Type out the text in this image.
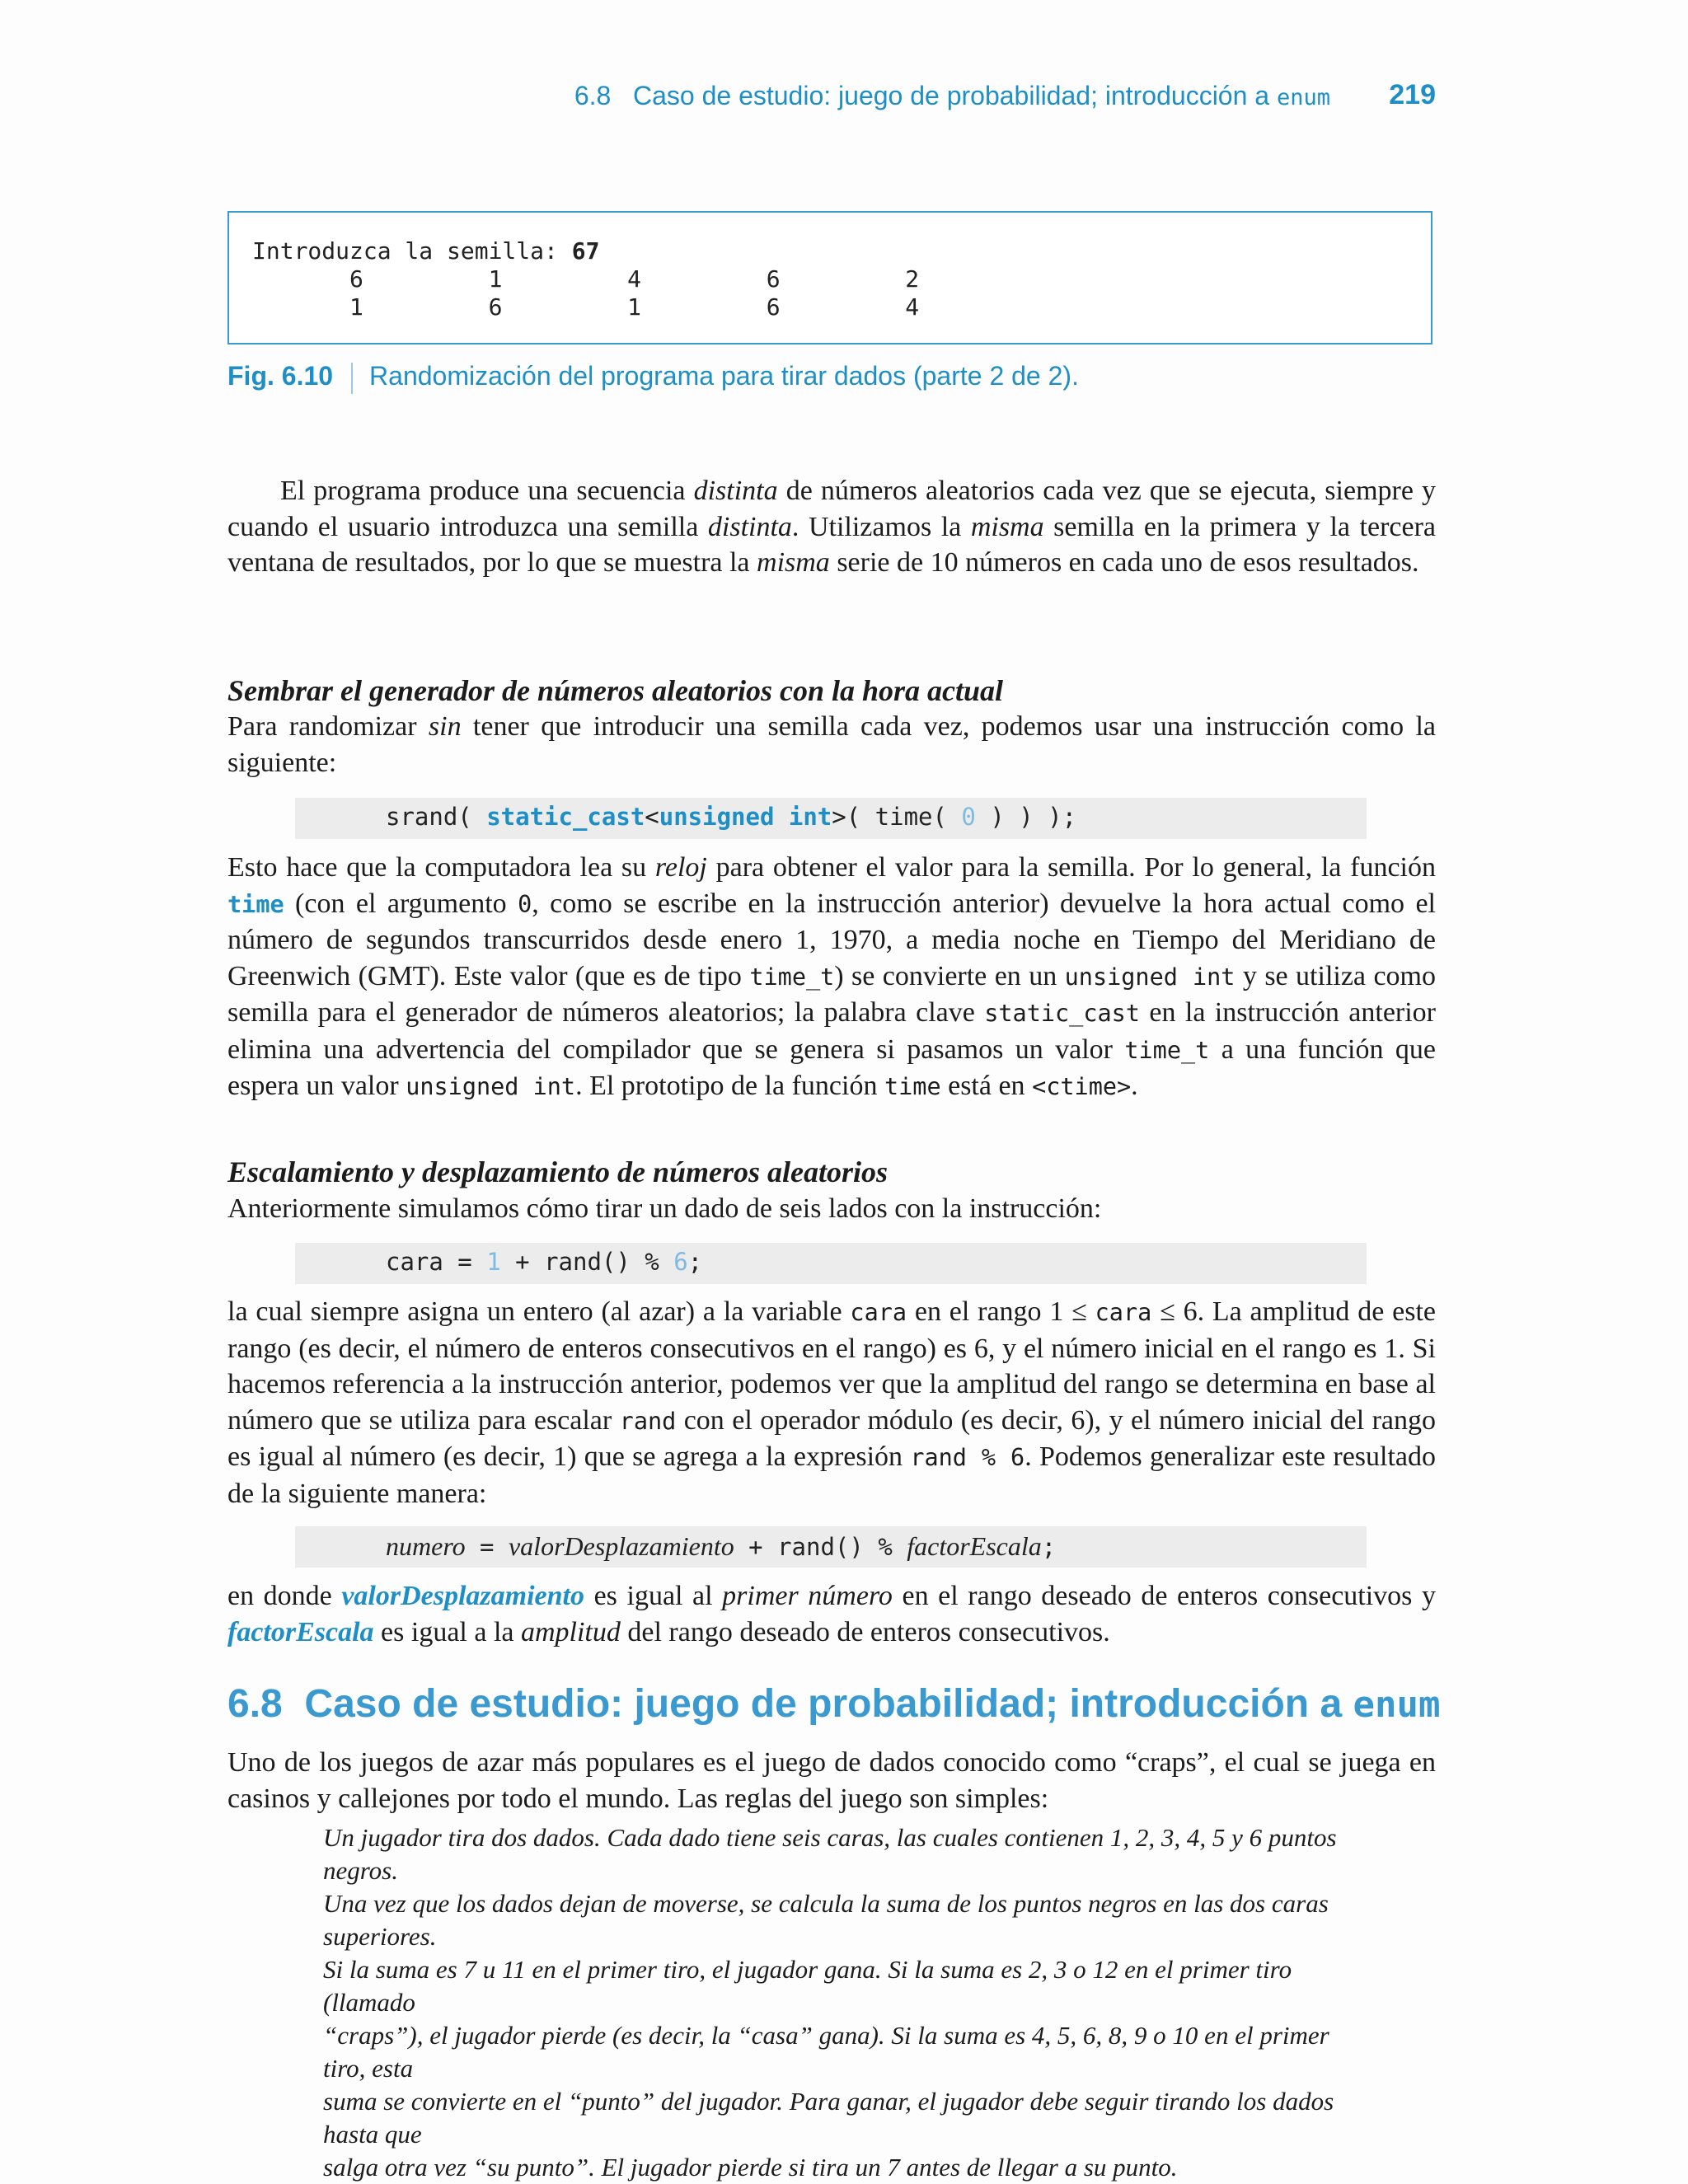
6.8 Caso de estudio: juego de probabilidad; introducción a enum 219
Introduzca la semilla: 67
6         1         4         6         2
1         6         1         6         4
Fig. 6.10 Randomización del programa para tirar dados (parte 2 de 2).

El programa produce una secuencia distinta de números aleatorios cada vez que se ejecuta, siempre y cuando el usuario introduzca una semilla distinta. Utilizamos la misma semilla en la primera y la tercera ventana de resultados, por lo que se muestra la misma serie de 10 números en cada uno de esos resultados.

Sembrar el generador de números aleatorios con la hora actual

Para randomizar sin tener que introducir una semilla cada vez, podemos usar una instrucción como la siguiente:

srand( static_cast<unsigned int>( time( 0 ) ) );

Esto hace que la computadora lea su reloj para obtener el valor para la semilla. Por lo general, la función time (con el argumento 0, como se escribe en la instrucción anterior) devuelve la hora actual como el número de segundos transcurridos desde enero 1, 1970, a media noche en Tiempo del Meridiano de Greenwich (GMT). Este valor (que es de tipo time_t) se convierte en un unsigned int y se utiliza como semilla para el generador de números aleatorios; la palabra clave static_cast en la instrucción anterior elimina una advertencia del compilador que se genera si pasamos un valor time_t a una función que espera un valor unsigned int. El prototipo de la función time está en <ctime>.

Escalamiento y desplazamiento de números aleatorios

Anteriormente simulamos cómo tirar un dado de seis lados con la instrucción:

cara = 1 + rand() % 6;

la cual siempre asigna un entero (al azar) a la variable cara en el rango 1 ≤ cara ≤ 6. La amplitud de este rango (es decir, el número de enteros consecutivos en el rango) es 6, y el número inicial en el rango es 1. Si hacemos referencia a la instrucción anterior, podemos ver que la amplitud del rango se determina en base al número que se utiliza para escalar rand con el operador módulo (es decir, 6), y el número inicial del rango es igual al número (es decir, 1) que se agrega a la expresión rand % 6. Podemos generalizar este resultado de la siguiente manera:

numero = valorDesplazamiento + rand() % factorEscala;

en donde valorDesplazamiento es igual al primer número en el rango deseado de enteros consecutivos y factorEscala es igual a la amplitud del rango deseado de enteros consecutivos.

6.8 Caso de estudio: juego de probabilidad; introducción a enum

Uno de los juegos de azar más populares es el juego de dados conocido como “craps”, el cual se juega en casinos y callejones por todo el mundo. Las reglas del juego son simples:

Un jugador tira dos dados. Cada dado tiene seis caras, las cuales contienen 1, 2, 3, 4, 5 y 6 puntos negros.
Una vez que los dados dejan de moverse, se calcula la suma de los puntos negros en las dos caras superiores.
Si la suma es 7 u 11 en el primer tiro, el jugador gana. Si la suma es 2, 3 o 12 en el primer tiro (llamado
“craps”), el jugador pierde (es decir, la “casa” gana). Si la suma es 4, 5, 6, 8, 9 o 10 en el primer tiro, esta
suma se convierte en el “punto” del jugador. Para ganar, el jugador debe seguir tirando los dados hasta que
salga otra vez “su punto”. El jugador pierde si tira un 7 antes de llegar a su punto.
